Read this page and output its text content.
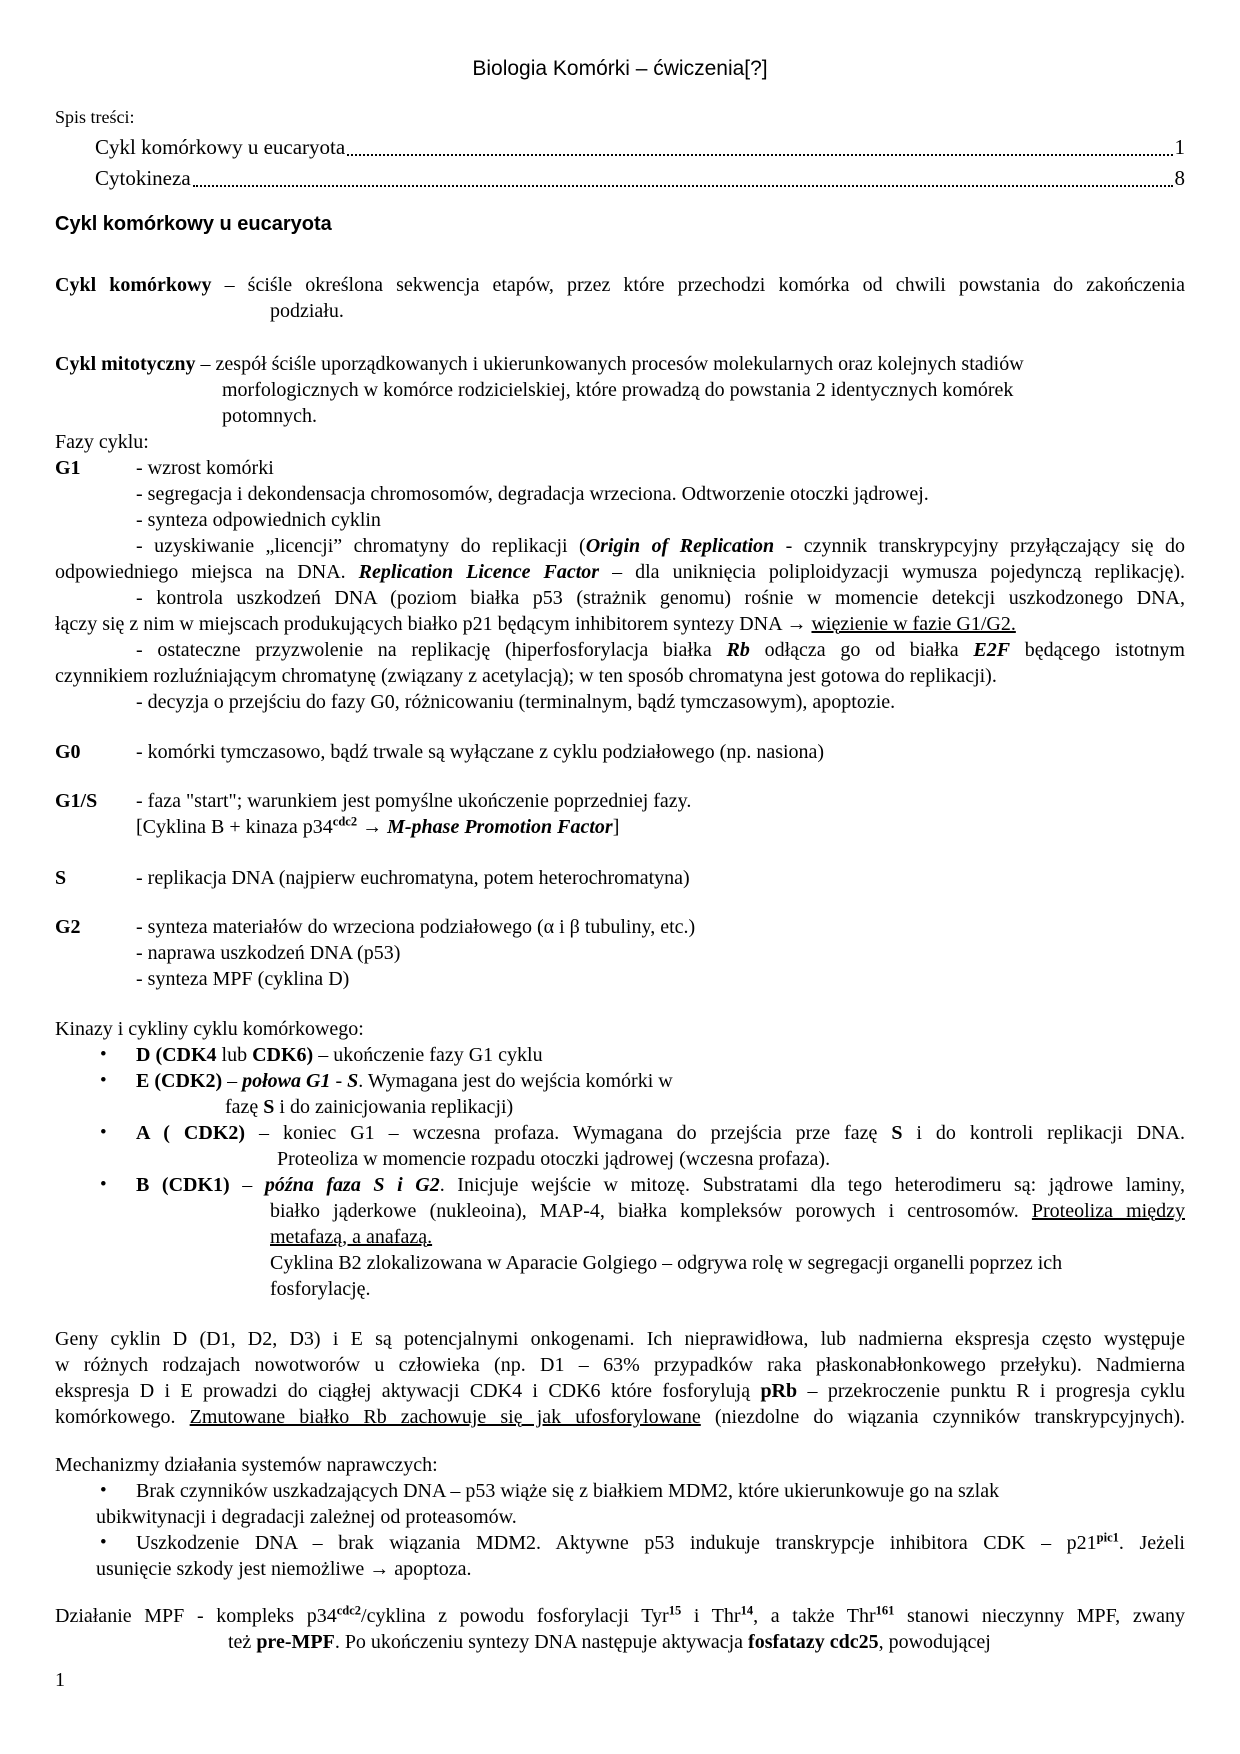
Biologia Komórki – ćwiczenia[?]
Spis treści:
Cykl komórkowy u eucaryota	1
Cytokineza	8
Cykl komórkowy u eucaryota
Cykl komórkowy – ściśle określona sekwencja etapów, przez które przechodzi komórka od chwili powstania do zakończenia
podziału.
Cykl mitotyczny – zespół ściśle uporządkowanych i ukierunkowanych procesów molekularnych oraz kolejnych stadiów
morfologicznych w komórce rodzicielskiej, które prowadzą do powstania 2 identycznych komórek
potomnych.
Fazy cyklu:
G1	- wzrost komórki
- segregacja i dekondensacja chromosomów, degradacja wrzeciona. Odtworzenie otoczki jądrowej.
- synteza odpowiednich cyklin
- uzyskiwanie „licencji” chromatyny do replikacji (Origin of Replication - czynnik transkrypcyjny przyłączający się do
odpowiedniego miejsca na DNA. Replication Licence Factor – dla uniknięcia poliploidyzacji wymusza pojedynczą replikację).
- kontrola uszkodzeń DNA (poziom białka p53 (strażnik genomu) rośnie w momencie detekcji uszkodzonego DNA,
łączy się z nim w miejscach produkujących białko p21 będącym inhibitorem syntezy DNA → więzienie w fazie G1/G2.
- ostateczne przyzwolenie na replikację (hiperfosforylacja białka Rb odłącza go od białka E2F będącego istotnym
czynnikiem rozluźniającym chromatynę (związany z acetylacją); w ten sposób chromatyna jest gotowa do replikacji).
- decyzja o przejściu do fazy G0, różnicowaniu (terminalnym, bądź tymczasowym), apoptozie.
G0	- komórki tymczasowo, bądź trwale są wyłączane z cyklu podziałowego (np. nasiona)
G1/S	- faza "start"; warunkiem jest pomyślne ukończenie poprzedniej fazy.
[Cyklina B + kinaza $p34^{cdc2}$ → M-phase Promotion Factor]
S	- replikacja DNA (najpierw euchromatyna, potem heterochromatyna)
G2	- synteza materiałów do wrzeciona podziałowego (α i β tubuliny, etc.)
- naprawa uszkodzeń DNA (p53)
- synteza MPF (cyklina D)
Kinazy i cykliny cyklu komórkowego:
•	D (CDK4 lub CDK6) – ukończenie fazy G1 cyklu
•	E (CDK2) – połowa G1 - S. Wymagana jest do wejścia komórki w
fazę S i do zainicjowania replikacji)
•	A ( CDK2) – koniec G1 – wczesna profaza. Wymagana do przejścia prze fazę S i do kontroli replikacji DNA.
Proteoliza w momencie rozpadu otoczki jądrowej (wczesna profaza).
•	B (CDK1) – późna faza S i G2. Inicjuje wejście w mitozę. Substratami dla tego heterodimeru są: jądrowe laminy,
białko jąderkowe (nukleoina), MAP-4, białka kompleksów porowych i centrosomów. Proteoliza między
metafazą, a anafazą.
Cyklina B2 zlokalizowana w Aparacie Golgiego – odgrywa rolę w segregacji organelli poprzez ich
fosforylację.
Geny cyklin D (D1, D2, D3) i E są potencjalnymi onkogenami. Ich nieprawidłowa, lub nadmierna ekspresja często występuje
w różnych rodzajach nowotworów u człowieka (np. D1 – 63% przypadków raka płaskonabłonkowego przełyku). Nadmierna
ekspresja D i E prowadzi do ciągłej aktywacji CDK4 i CDK6 które fosforylują pRb – przekroczenie punktu R i progresja cyklu
komórkowego. Zmutowane białko Rb zachowuje się jak ufosforylowane (niezdolne do wiązania czynników transkrypcyjnych).
Mechanizmy działania systemów naprawczych:
•	Brak czynników uszkadzających DNA – p53 wiąże się z białkiem MDM2, które ukierunkowuje go na szlak
ubikwitynacji i degradacji zależnej od proteasomów.
•	Uszkodzenie DNA – brak wiązania MDM2. Aktywne p53 indukuje transkrypcje inhibitora CDK – $p21^{pic1}$. Jeżeli
usunięcie szkody jest niemożliwe → apoptoza.
Działanie MPF - kompleks $p34^{cdc2}$/cyklina z powodu fosforylacji Tyr$^{15}$ i Thr$^{14}$, a także Thr$^{161}$ stanowi nieczynny MPF, zwany
też pre-MPF. Po ukończeniu syntezy DNA następuje aktywacja fosfatazy cdc25, powodującej
1
